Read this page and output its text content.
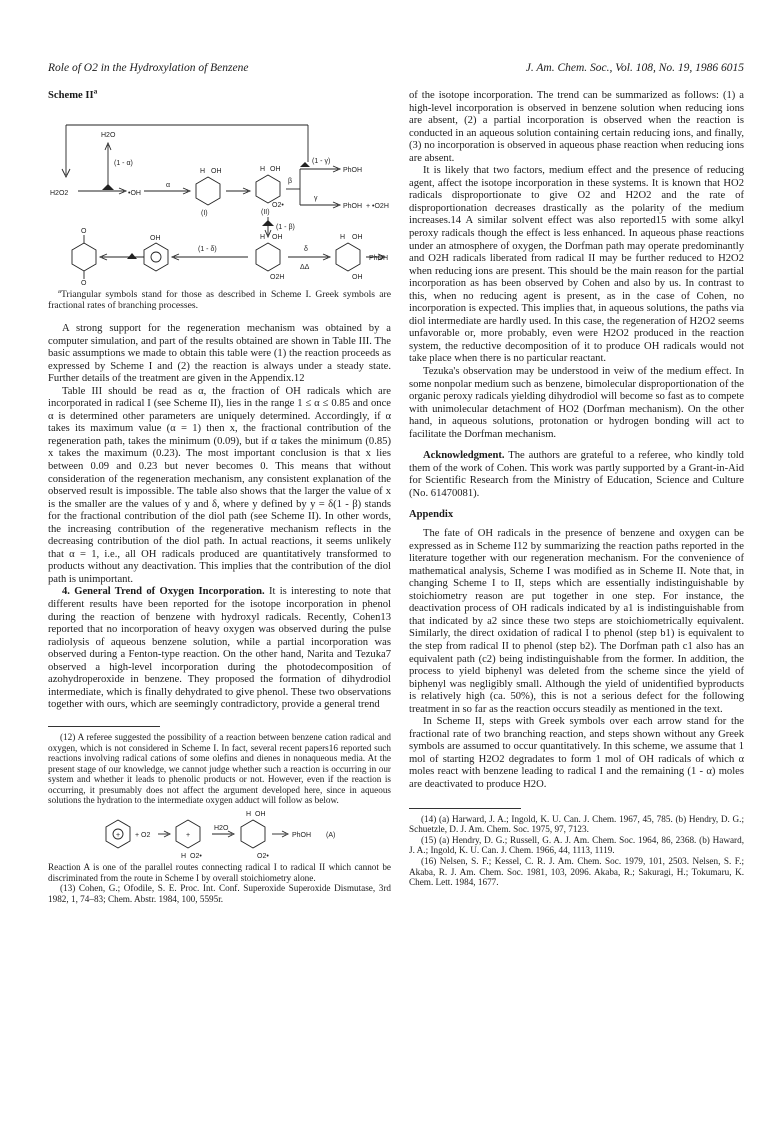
Role of O2 in the Hydroxylation of Benzene	J. Am. Chem. Soc., Vol. 108, No. 19, 1986 6015
Scheme $II^a$
H2O
(1 - α)
H2O2	•OH
α
(I)
OH
H
(II)
O2•
H OH
β
(1 - γ)
γ
PhOH
PhOH + •O2H
(1 - β)
O
O
OH
(1 - δ)
H OH
O2H
δ
ΔΔ
H OH
OH
PhOH

$^a$Triangular symbols stand for those as described in Scheme I. Greek symbols are fractional rates of branching processes.

A strong support for the regeneration mechanism was obtained by a computer simulation, and part of the results obtained are shown in Table III. The basic assumptions we made to obtain this table were (1) the reaction proceeds as expressed by Scheme I and (2) the reaction is always under a steady state. Further details of the treatment are given in the Appendix.12

Table III should be read as α, the fraction of OH radicals which are incorporated in radical I (see Scheme II), lies in the range 1 ≤ α ≤ 0.85 and once α is determined other parameters are uniquely determined. Accordingly, if α takes its maximum value (α = 1) then x, the fractional contribution of the regeneration path, takes the minimum (0.09), but if α takes the minimum (0.85) x takes the maximum (0.23). The most important conclusion is that x lies between 0.09 and 0.23 but never becomes 0. This means that without consideration of the regeneration mechanism, any consistent explanation of the observed result is impossible. The table also shows that the larger the value of x is the smaller are the values of y and δ, where y defined by y = δ(1 - β) stands for the fractional contribution of the diol path (see Scheme II). In other words, the increasing contribution of the regenerative mechanism reflects in the decreasing contribution of the diol path. In actual reactions, it seems unlikely that α = 1, i.e., all OH radicals produced are quantitatively transformed to products without any deactivation. This implies that the contribution of the diol path is unimportant.

4. General Trend of Oxygen Incorporation. It is interesting to note that different results have been reported for the isotope incorporation in phenol during the reaction of benzene with hydroxyl radicals. Recently, Cohen13 reported that no incorporation of heavy oxygen was observed during the pulse radiolysis of aqueous benzene solution, while a partial incorporation was observed during a Fenton-type reaction. On the other hand, Narita and Tezuka7 observed a high-level incorporation during the photodecomposition of azohydroperoxide in benzene. They proposed the formation of dihydrodiol intermediate, which is finally dehydrated to give phenol. These two observations together with ours, which are seemingly contradictory, provide a general trend

(12) A referee suggested the possibility of a reaction between benzene cation radical and oxygen, which is not considered in Scheme I. In fact, several recent papers16 reported such reactions involving radical cations of some olefins and dienes in nonaqueous media. At the present stage of our knowledge, we cannot judge whether such a reaction is occurring in our system and whether it leads to phenolic products or not. However, even if the reaction is occurring, it presumably does not affect the argument developed here, since in aqueous solutions the hydration to the intermediate oxygen adduct will follow as below.

+ + O2	+
H O2•
H2O
H OH
O2•
PhOH (A)

Reaction A is one of the parallel routes connecting radical I to radical II which cannot be discriminated from the route in Scheme I by overall stoichiometry alone.

(13) Cohen, G.; Ofodile, S. E. Proc. Int. Conf. Superoxide Superoxide Dismutase, 3rd 1982, 1, 74–83; Chem. Abstr. 1984, 100, 5595r.

of the isotope incorporation. The trend can be summarized as follows: (1) a high-level incorporation is observed in benzene solution when reducing ions are absent, (2) a partial incorporation is observed when the reaction is conducted in an aqueous solution containing certain reducing ions, and finally, (3) no incorporation is observed in aqueous phase reaction when reducing ions are absent.

It is likely that two factors, medium effect and the presence of reducing agent, affect the isotope incorporation in these systems. It is known that HO2 radicals disproportionate to give O2 and H2O2 and the rate of disproportionation decreases drastically as the polarity of the medium increases.14 A similar solvent effect was also reported15 with some alkyl peroxy radicals though the effect is less enhanced. In aqueous phase reactions under an atmosphere of oxygen, the Dorfman path may operate predominantly and O2H radicals liberated from radical II may be further reduced to H2O2 when reducing ions are present. This should be the main reason for the partial incorporation as has been observed by Cohen and also by us. In contrast to this, when no reducing agent is present, as in the case of Cohen, no incorporation is expected. This implies that, in aqueous solutions, the paths via diol intermediate are hardly used. In this case, the regeneration of H2O2 seems unfavorable or, more probably, even were H2O2 produced in the reaction system, the reductive decomposition of it to produce OH radicals would not take place when there is no particular reactant.

Tezuka's observation may be understood in veiw of the medium effect. In some nonpolar medium such as benzene, bimolecular disproportionation of the organic peroxy radicals yielding dihydrodiol will become so fast as to compete with unimolecular detachment of HO2 (Dorfman mechanism). On the other hand, in aqueous solutions, protonation or hydrogen bonding will act to facilitate the Dorfman mechanism.

Acknowledgment. The authors are grateful to a referee, who kindly told them of the work of Cohen. This work was partly supported by a Grant-in-Aid for Scientific Research from the Ministry of Education, Science and Culture (No. 61470081).

Appendix

The fate of OH radicals in the presence of benzene and oxygen can be expressed as in Scheme I12 by summarizing the reaction paths reported in the literature together with our regeneration mechanism. For the convenience of mathematical analysis, Scheme I was modified as in Scheme II. Note that, in changing Scheme I to II, steps which are essentially indistinguishable by stoichiometry reason are put together in one step. For instance, the deactivation process of OH radicals indicated by a1 is indistinguishable from that indicated by a2 since these two steps are stoichiometrically equivalent. Similarly, the direct oxidation of radical I to phenol (step b1) is equivalent to the step from radical II to phenol (step b2). The Dorfman path c1 also has an equivalent path (c2) being indistinguishable from the former. In addition, the process to yield biphenyl was deleted from the scheme since the yield of biphenyl was negligibly small. Although the yield of unidentified byproducts is relatively high (ca. 50%), this is not a serious defect for the following treatment in so far as the reaction occurs steadily as mentioned in the text.

In Scheme II, steps with Greek symbols over each arrow stand for the fractional rate of two branching reaction, and steps shown without any Greek symbols are assumed to occur quantitatively. In this scheme, we assume that 1 mol of starting H2O2 degradates to form 1 mol of OH radicals of which α moles react with benzene leading to radical I and the remaining (1 - α) moles are deactivated to produce H2O.

(14) (a) Harward, J. A.; Ingold, K. U. Can. J. Chem. 1967, 45, 785. (b) Hendry, D. G.; Schuetzle, D. J. Am. Chem. Soc. 1975, 97, 7123.

(15) (a) Hendry, D. G.; Russell, G. A. J. Am. Chem. Soc. 1964, 86, 2368. (b) Haward, J. A.; Ingold, K. U. Can. J. Chem. 1966, 44, 1113, 1119.

(16) Nelsen, S. F.; Kessel, C. R. J. Am. Chem. Soc. 1979, 101, 2503. Nelsen, S. F.; Akaba, R. J. Am. Chem. Soc. 1981, 103, 2096. Akaba, R.; Sakuragi, H.; Tokumaru, K. Chem. Lett. 1984, 1677.
